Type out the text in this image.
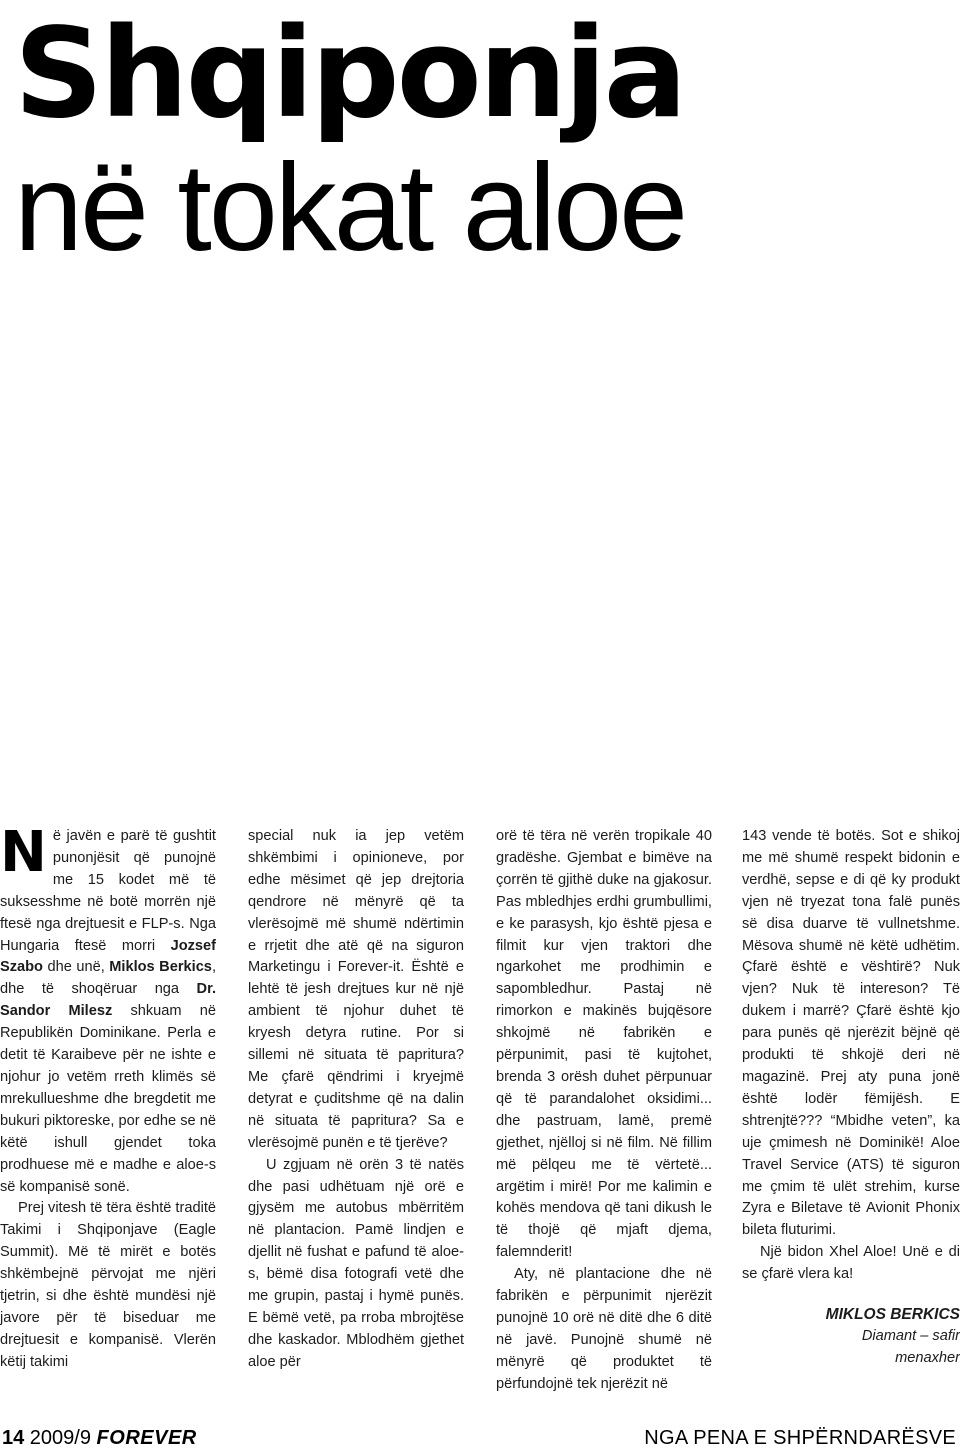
Shqiponja
në tokat aloe

Në javën e parë të gushtit punonjësit që punojnë me 15 kodet më të suksesshme në botë morrën një ftesë nga drejtuesit e FLP-s. Nga Hungaria ftesë morri Jozsef Szabo dhe unë, Miklos Berkics, dhe të shoqëruar nga Dr. Sandor Milesz shkuam në Republikën Dominikane. Perla e detit të Karaibeve për ne ishte e njohur jo vetëm rreth klimës së mrekullueshme dhe bregdetit me bukuri piktoreske, por edhe se në këtë ishull gjendet toka prodhuese më e madhe e aloe-s së kompanisë sonë.

Prej vitesh të tëra është traditë Takimi i Shqiponjave (Eagle Summit). Më të mirët e botës shkëmbejnë përvojat me njëri tjetrin, si dhe është mundësi një javore për të biseduar me drejtuesit e kompanisë. Vlerën këtij takimi

special nuk ia jep vetëm shkëmbimi i opinioneve, por edhe mësimet që jep drejtoria qendrore në mënyrë që ta vlerësojmë më shumë ndërtimin e rrjetit dhe atë që na siguron Marketingu i Forever-it. Është e lehtë të jesh drejtues kur në një ambient të njohur duhet të kryesh detyra rutine. Por si sillemi në situata të papritura? Me çfarë qëndrimi i kryejmë detyrat e çuditshme që na dalin në situata të papritura? Sa e vlerësojmë punën e të tjerëve?

U zgjuam në orën 3 të natës dhe pasi udhëtuam një orë e gjysëm me autobus mbërritëm në plantacion. Pamë lindjen e djellit në fushat e pafund të aloe-s, bëmë disa fotografi vetë dhe me grupin, pastaj i hymë punës. E bëmë vetë, pa rroba mbrojtëse dhe kaskador. Mblodhëm gjethet aloe për

orë të tëra në verën tropikale 40 gradëshe. Gjembat e bimëve na çorrën të gjithë duke na gjakosur. Pas mbledhjes erdhi grumbullimi, e ke parasysh, kjo është pjesa e filmit kur vjen traktori dhe ngarkohet me prodhimin e sapombledhur. Pastaj në rimorkon e makinës bujqësore shkojmë në fabrikën e përpunimit, pasi të kujtohet, brenda 3 orësh duhet përpunuar që të parandalohet oksidimi... dhe pastruam, lamë, premë gjethet, njëlloj si në film. Në fillim më pëlqeu me të vërtetë... argëtim i mirë! Por me kalimin e kohës mendova që tani dikush le të thojë që mjaft djema, falemnderit!

Aty, në plantacione dhe në fabrikën e përpunimit njerëzit punojnë 10 orë në ditë dhe 6 ditë në javë. Punojnë shumë në mënyrë që produktet të përfundojnë tek njerëzit në

143 vende të botës. Sot e shikoj me më shumë respekt bidonin e verdhë, sepse e di që ky produkt vjen në tryezat tona falë punës së disa duarve të vullnetshme. Mësova shumë në këtë udhëtim. Çfarë është e vështirë? Nuk vjen? Nuk të intereson? Të dukem i marrë? Çfarë është kjo para punës që njerëzit bëjnë që produkti të shkojë deri në magazinë. Prej aty puna jonë është lodër fëmijësh. E shtrenjtë??? “Mbidhe veten”, ka uje çmimesh në Dominikë! Aloe Travel Service (ATS) të siguron me çmim të ulët strehim, kurse Zyra e Biletave të Avionit Phonix bileta fluturimi.

Një bidon Xhel Aloe! Unë e di se çfarë vlera ka!

MIKLOS BERKICS
Diamant – safir
menaxher
14 2009/9 FOREVER	NGA PENA E SHPËRNDARËSVE
